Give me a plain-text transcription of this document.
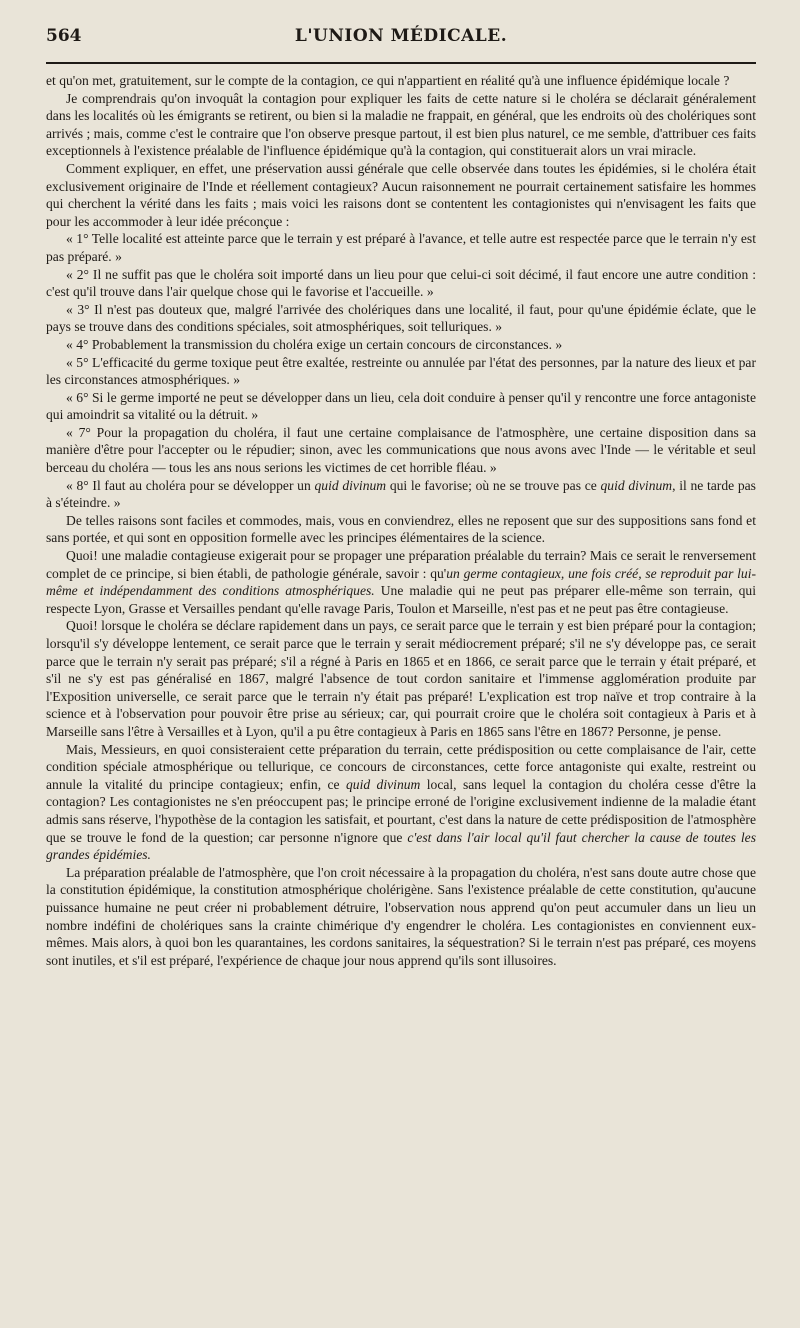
564	L'UNION MÉDICALE.

et qu'on met, gratuitement, sur le compte de la contagion, ce qui n'appartient en réalité qu'à une influence épidémique locale ?

Je comprendrais qu'on invoquât la contagion pour expliquer les faits de cette nature si le choléra se déclarait généralement dans les localités où les émigrants se retirent, ou bien si la maladie ne frappait, en général, que les endroits où des cholériques sont arrivés ; mais, comme c'est le contraire que l'on observe presque partout, il est bien plus naturel, ce me semble, d'attribuer ces faits exceptionnels à l'existence préalable de l'influence épidémique qu'à la contagion, qui constituerait alors un vrai miracle.

Comment expliquer, en effet, une préservation aussi générale que celle observée dans toutes les épidémies, si le choléra était exclusivement originaire de l'Inde et réellement contagieux? Aucun raisonnement ne pourrait certainement satisfaire les hommes qui cherchent la vérité dans les faits ; mais voici les raisons dont se contentent les contagionistes qui n'envisagent les faits que pour les accommoder à leur idée préconçue :

« 1° Telle localité est atteinte parce que le terrain y est préparé à l'avance, et telle autre est respectée parce que le terrain n'y est pas préparé. »

« 2° Il ne suffit pas que le choléra soit importé dans un lieu pour que celui-ci soit décimé, il faut encore une autre condition : c'est qu'il trouve dans l'air quelque chose qui le favorise et l'accueille. »

« 3° Il n'est pas douteux que, malgré l'arrivée des cholériques dans une localité, il faut, pour qu'une épidémie éclate, que le pays se trouve dans des conditions spéciales, soit atmosphériques, soit telluriques. »

« 4° Probablement la transmission du choléra exige un certain concours de circonstances. »

« 5° L'efficacité du germe toxique peut être exaltée, restreinte ou annulée par l'état des personnes, par la nature des lieux et par les circonstances atmosphériques. »

« 6° Si le germe importé ne peut se développer dans un lieu, cela doit conduire à penser qu'il y rencontre une force antagoniste qui amoindrit sa vitalité ou la détruit. »

« 7° Pour la propagation du choléra, il faut une certaine complaisance de l'atmosphère, une certaine disposition dans sa manière d'être pour l'accepter ou le répudier; sinon, avec les communications que nous avons avec l'Inde — le véritable et seul berceau du choléra — tous les ans nous serions les victimes de cet horrible fléau. »

« 8° Il faut au choléra pour se développer un quid divinum qui le favorise; où ne se trouve pas ce quid divinum, il ne tarde pas à s'éteindre. »

De telles raisons sont faciles et commodes, mais, vous en conviendrez, elles ne reposent que sur des suppositions sans fond et sans portée, et qui sont en opposition formelle avec les principes élémentaires de la science.

Quoi! une maladie contagieuse exigerait pour se propager une préparation préalable du terrain? Mais ce serait le renversement complet de ce principe, si bien établi, de pathologie générale, savoir : qu'un germe contagieux, une fois créé, se reproduit par lui-même et indépendamment des conditions atmosphériques. Une maladie qui ne peut pas préparer elle-même son terrain, qui respecte Lyon, Grasse et Versailles pendant qu'elle ravage Paris, Toulon et Marseille, n'est pas et ne peut pas être contagieuse.

Quoi! lorsque le choléra se déclare rapidement dans un pays, ce serait parce que le terrain y est bien préparé pour la contagion; lorsqu'il s'y développe lentement, ce serait parce que le terrain y serait médiocrement préparé; s'il ne s'y développe pas, ce serait parce que le terrain n'y serait pas préparé; s'il a régné à Paris en 1865 et en 1866, ce serait parce que le terrain y était préparé, et s'il ne s'y est pas généralisé en 1867, malgré l'absence de tout cordon sanitaire et l'immense agglomération produite par l'Exposition universelle, ce serait parce que le terrain n'y était pas préparé! L'explication est trop naïve et trop contraire à la science et à l'observation pour pouvoir être prise au sérieux; car, qui pourrait croire que le choléra soit contagieux à Paris et à Marseille sans l'être à Versailles et à Lyon, qu'il a pu être contagieux à Paris en 1865 sans l'être en 1867? Personne, je pense.

Mais, Messieurs, en quoi consisteraient cette préparation du terrain, cette prédisposition ou cette complaisance de l'air, cette condition spéciale atmosphérique ou tellurique, ce concours de circonstances, cette force antagoniste qui exalte, restreint ou annule la vitalité du principe contagieux; enfin, ce quid divinum local, sans lequel la contagion du choléra cesse d'être la contagion? Les contagionistes ne s'en préoccupent pas; le principe erroné de l'origine exclusivement indienne de la maladie étant admis sans réserve, l'hypothèse de la contagion les satisfait, et pourtant, c'est dans la nature de cette prédisposition de l'atmosphère que se trouve le fond de la question; car personne n'ignore que c'est dans l'air local qu'il faut chercher la cause de toutes les grandes épidémies.

La préparation préalable de l'atmosphère, que l'on croit nécessaire à la propagation du choléra, n'est sans doute autre chose que la constitution épidémique, la constitution atmosphérique cholérigène. Sans l'existence préalable de cette constitution, qu'aucune puissance humaine ne peut créer ni probablement détruire, l'observation nous apprend qu'on peut accumuler dans un lieu un nombre indéfini de cholériques sans la crainte chimérique d'y engendrer le choléra. Les contagionistes en conviennent eux-mêmes. Mais alors, à quoi bon les quarantaines, les cordons sanitaires, la séquestration? Si le terrain n'est pas préparé, ces moyens sont inutiles, et s'il est préparé, l'expérience de chaque jour nous apprend qu'ils sont illusoires.
